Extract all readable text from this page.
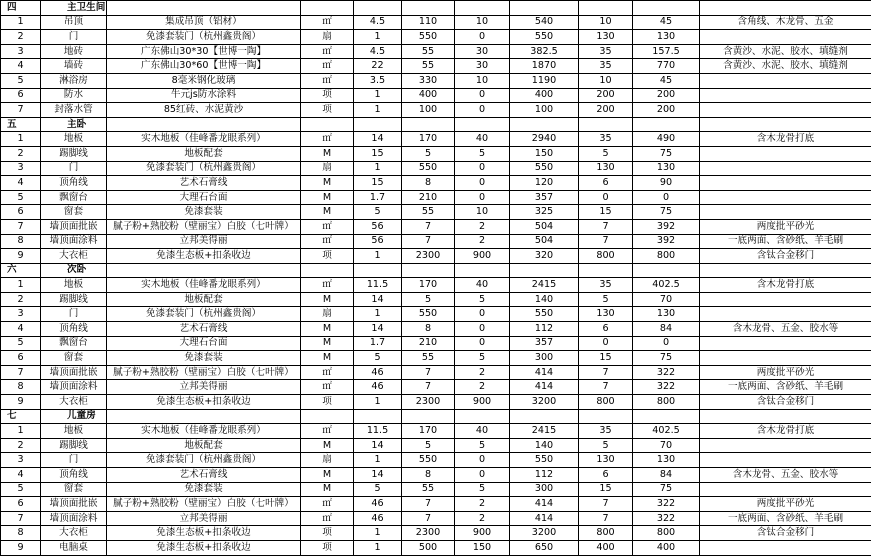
四	主卫生间									
1	吊顶	集成吊顶（铝材）	㎡	4.5	110	10	540	10	45	含角线、木龙骨、五金
2	门	免漆套装门（杭州鑫贵阁）	扇	1	550	0	550	130	130	
3	地砖	广东佛山30*30【世博一陶】	㎡	4.5	55	30	382.5	35	157.5	含黄沙、水泥、胶水、填缝剂
4	墙砖	广东佛山30*60【世博一陶】	㎡	22	55	30	1870	35	770	含黄沙、水泥、胶水、填缝剂
5	淋浴房	8毫米钢化玻璃	㎡	3.5	330	10	1190	10	45	
6	防水	牛元js防水涂料	项	1	400	0	400	200	200	
7	封落水管	85红砖、水泥黄沙	项	1	100	0	100	200	200	
五	主卧									
1	地板	实木地板（佳峰番龙眼系列）	㎡	14	170	40	2940	35	490	含木龙骨打底
2	踢脚线	地板配套	M	15	5	5	150	5	75	
3	门	免漆套装门（杭州鑫贵阁）	扇	1	550	0	550	130	130	
4	顶角线	艺术石膏线	M	15	8	0	120	6	90	
5	飘窗台	大理石台面	M	1.7	210	0	357	0	0	
6	窗套	免漆套装	M	5	55	10	325	15	75	
7	墙顶面批嵌	腻子粉+熟胶粉（壁丽宝）白胶（七叶牌）	㎡	56	7	2	504	7	392	两度批平砂光
8	墙顶面涂料	立邦美得丽	㎡	56	7	2	504	7	392	一底两面、含砂纸、羊毛刷
9	大衣柜	免漆生态板+扣条收边	项	1	2300	900	320	800	800	含钛合金移门
六	次卧									
1	地板	实木地板（佳峰番龙眼系列）	㎡	11.5	170	40	2415	35	402.5	含木龙骨打底
2	踢脚线	地板配套	M	14	5	5	140	5	70	
3	门	免漆套装门（杭州鑫贵阁）	扇	1	550	0	550	130	130	
4	顶角线	艺术石膏线	M	14	8	0	112	6	84	含木龙骨、五金、胶水等
5	飘窗台	大理石台面	M	1.7	210	0	357	0	0	
6	窗套	免漆套装	M	5	55	5	300	15	75	
7	墙顶面批嵌	腻子粉+熟胶粉（壁丽宝）白胶（七叶牌）	㎡	46	7	2	414	7	322	两度批平砂光
8	墙顶面涂料	立邦美得丽	㎡	46	7	2	414	7	322	一底两面、含砂纸、羊毛刷
9	大衣柜	免漆生态板+扣条收边	项	1	2300	900	3200	800	800	含钛合金移门
七	儿童房									
1	地板	实木地板（佳峰番龙眼系列）	㎡	11.5	170	40	2415	35	402.5	含木龙骨打底
2	踢脚线	地板配套	M	14	5	5	140	5	70	
3	门	免漆套装门（杭州鑫贵阁）	扇	1	550	0	550	130	130	
4	顶角线	艺术石膏线	M	14	8	0	112	6	84	含木龙骨、五金、胶水等
5	窗套	免漆套装	M	5	55	5	300	15	75	
6	墙顶面批嵌	腻子粉+熟胶粉（壁丽宝）白胶（七叶牌）	㎡	46	7	2	414	7	322	两度批平砂光
7	墙顶面涂料	立邦美得丽	㎡	46	7	2	414	7	322	一底两面、含砂纸、羊毛刷
8	大衣柜	免漆生态板+扣条收边	项	1	2300	900	3200	800	800	含钛合金移门
9	电脑桌	免漆生态板+扣条收边	项	1	500	150	650	400	400	
